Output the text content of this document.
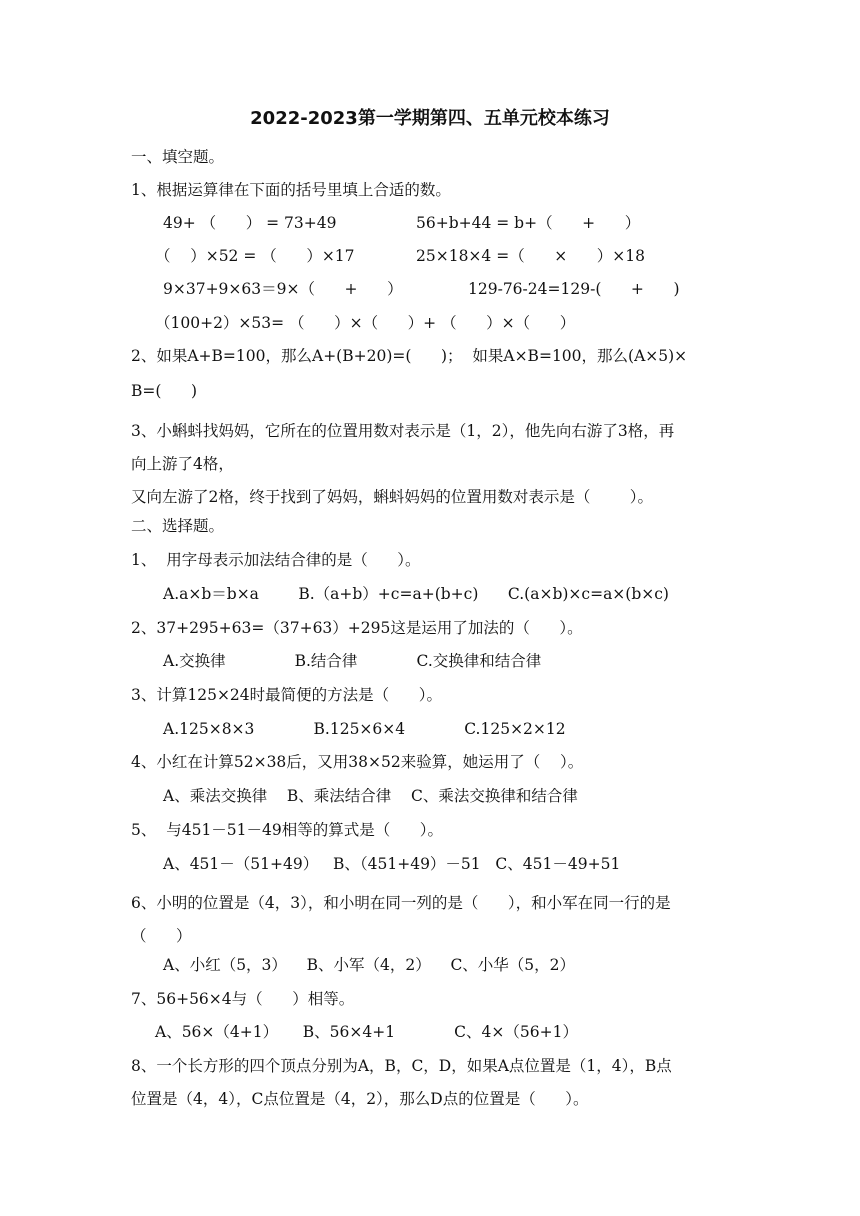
2022-2023第一学期第四、五单元校本练习
一、填空题。
1、根据运算律在下面的括号里填上合适的数。
49+ （      ） = 73+49	56+b+44 = b+（      +      ）
（    ）×52 = （      ）×17	25×18×4 =（      ×      ）×18
9×37+9×63＝9×（      +      ）	129-76-24=129-(      +      )
（100+2）×53= （      ）×（      ）+ （      ）×（      ）
2、如果A+B=100，那么A+(B+20)=(      )；  如果A×B=100，那么(A×5)×
B=(      )
3、小蝌蚪找妈妈，它所在的位置用数对表示是（1，2），他先向右游了3格，再
向上游了4格，
又向左游了2格，终于找到了妈妈，蝌蚪妈妈的位置用数对表示是（        ）。
二、选择题。
1、  用字母表示加法结合律的是（      ）。
A.a×b＝b×a        B.（a+b）+c=a+(b+c)      C.(a×b)×c=a×(b×c)
2、37+295+63=（37+63）+295这是运用了加法的（      ）。
A.交换律              B.结合律            C.交换律和结合律
3、计算125×24时最简便的方法是（      ）。
A.125×8×3            B.125×6×4            C.125×2×12
4、小红在计算52×38后，又用38×52来验算，她运用了（    ）。
A、乘法交换律    B、乘法结合律    C、乘法交换律和结合律
5、  与451－51－49相等的算式是（      ）。
A、451－（51+49）   B、（451+49）－51   C、451－49+51
6、小明的位置是（4，3），和小明在同一列的是（      ），和小军在同一行的是
（      ）
A、小红（5，3）    B、小军（4，2）    C、小华（5，2）
7、56+56×4与（      ）相等。
A、56×（4+1）     B、56×4+1            C、4×（56+1）
8、一个长方形的四个顶点分别为A，B，C，D，如果A点位置是（1，4），B点
位置是（4，4），C点位置是（4，2），那么D点的位置是（      ）。
